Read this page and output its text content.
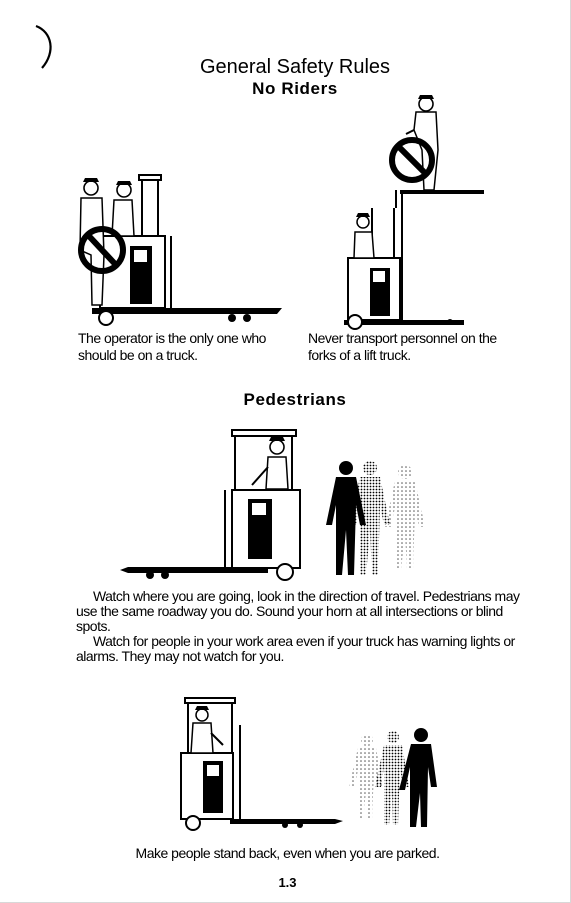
General Safety Rules
No Riders
The operator is the only one who should be on a truck.
Never transport personnel on the forks of a lift truck.
Pedestrians
Watch where you are going, look in the direction of travel. Pedestrians may use the same roadway you do. Sound your horn at all intersections or blind spots.
Watch for people in your work area even if your truck has warning lights or alarms. They may not watch for you.
Make people stand back, even when you are parked.
1.3
